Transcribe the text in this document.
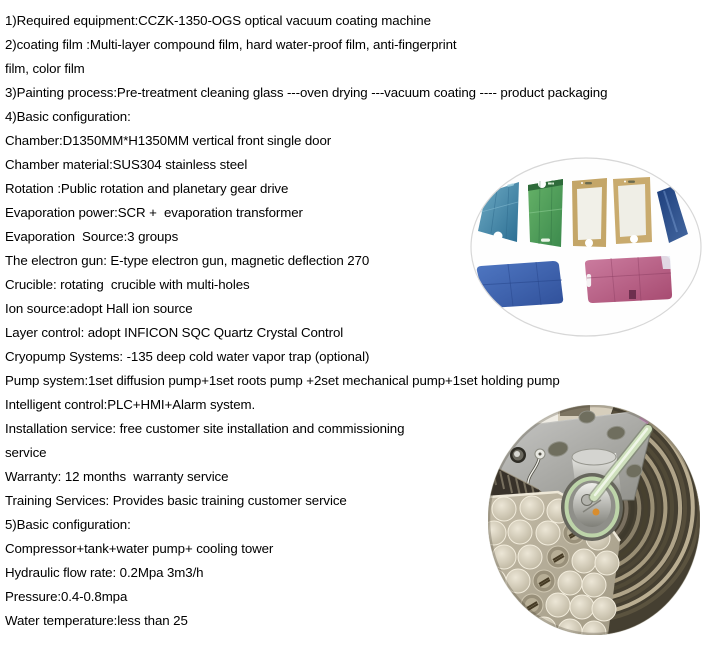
1)Required equipment:CCZK-1350-OGS optical vacuum coating machine
2)coating film :Multi-layer compound film, hard water-proof film, anti-fingerprint
film, color film
3)Painting process:Pre-treatment cleaning glass ---oven drying ---vacuum coating ---- product packaging
4)Basic configuration:
Chamber:D1350MM*H1350MM vertical front single door
Chamber material:SUS304 stainless steel
Rotation :Public rotation and planetary gear drive
Evaporation power:SCR +  evaporation transformer
Evaporation  Source:3 groups
The electron gun: E-type electron gun, magnetic deflection 270
Crucible: rotating  crucible with multi-holes
Ion source:adopt Hall ion source
Layer control: adopt INFICON SQC Quartz Crystal Control
Cryopump Systems: -135 deep cold water vapor trap (optional)
Pump system:1set diffusion pump+1set roots pump +2set mechanical pump+1set holding pump
Intelligent control:PLC+HMI+Alarm system.
Installation service: free customer site installation and commissioning
service
Warranty: 12 months  warranty service
Training Services: Provides basic training customer service
5)Basic configuration:
Compressor+tank+water pump+ cooling tower
Hydraulic flow rate: 0.2Mpa 3m3/h
Pressure:0.4-0.8mpa
Water temperature:less than 25
